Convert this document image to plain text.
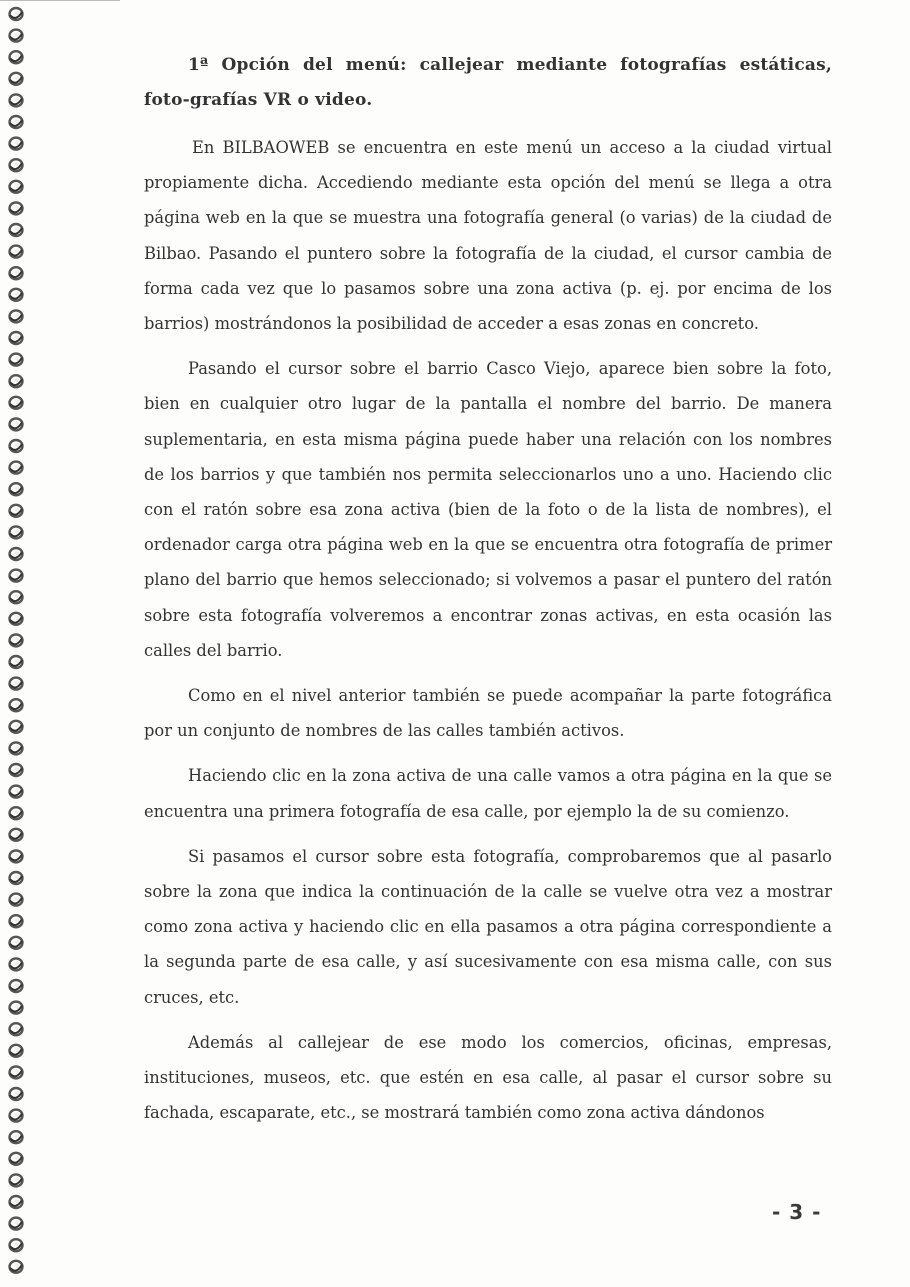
1ª Opción del menú: callejear mediante fotografías estáticas, foto-grafías VR o video.

En BILBAOWEB se encuentra en este menú un acceso a la ciudad virtual propiamente dicha. Accediendo mediante esta opción del menú se llega a otra página web en la que se muestra una fotografía general (o varias) de la ciudad de Bilbao. Pasando el puntero sobre la fotografía de la ciudad, el cursor cambia de forma cada vez que lo pasamos sobre una zona activa (p. ej. por encima de los barrios) mostrándonos la posibilidad de acceder a esas zonas en concreto.

Pasando el cursor sobre el barrio Casco Viejo, aparece bien sobre la foto, bien en cualquier otro lugar de la pantalla el nombre del barrio. De manera suplementaria, en esta misma página puede haber una relación con los nombres de los barrios y que también nos permita seleccionarlos uno a uno. Haciendo clic con el ratón sobre esa zona activa (bien de la foto o de la lista de nombres), el ordenador carga otra página web en la que se encuentra otra fotografía de primer plano del barrio que hemos seleccionado; si volvemos a pasar el puntero del ratón sobre esta fotografía volveremos a encontrar zonas activas, en esta ocasión las calles del barrio.

Como en el nivel anterior también se puede acompañar la parte fotográfica por un conjunto de nombres de las calles también activos.

Haciendo clic en la zona activa de una calle vamos a otra página en la que se encuentra una primera fotografía de esa calle, por ejemplo la de su comienzo.

Si pasamos el cursor sobre esta fotografía, comprobaremos que al pasarlo sobre la zona que indica la continuación de la calle se vuelve otra vez a mostrar como zona activa y haciendo clic en ella pasamos a otra página correspondiente a la segunda parte de esa calle, y así sucesivamente con esa misma calle, con sus cruces, etc.

Además al callejear de ese modo los comercios, oficinas, empresas, instituciones, museos, etc. que estén en esa calle, al pasar el cursor sobre su fachada, escaparate, etc., se mostrará también como zona activa dándonos

- 3 -
